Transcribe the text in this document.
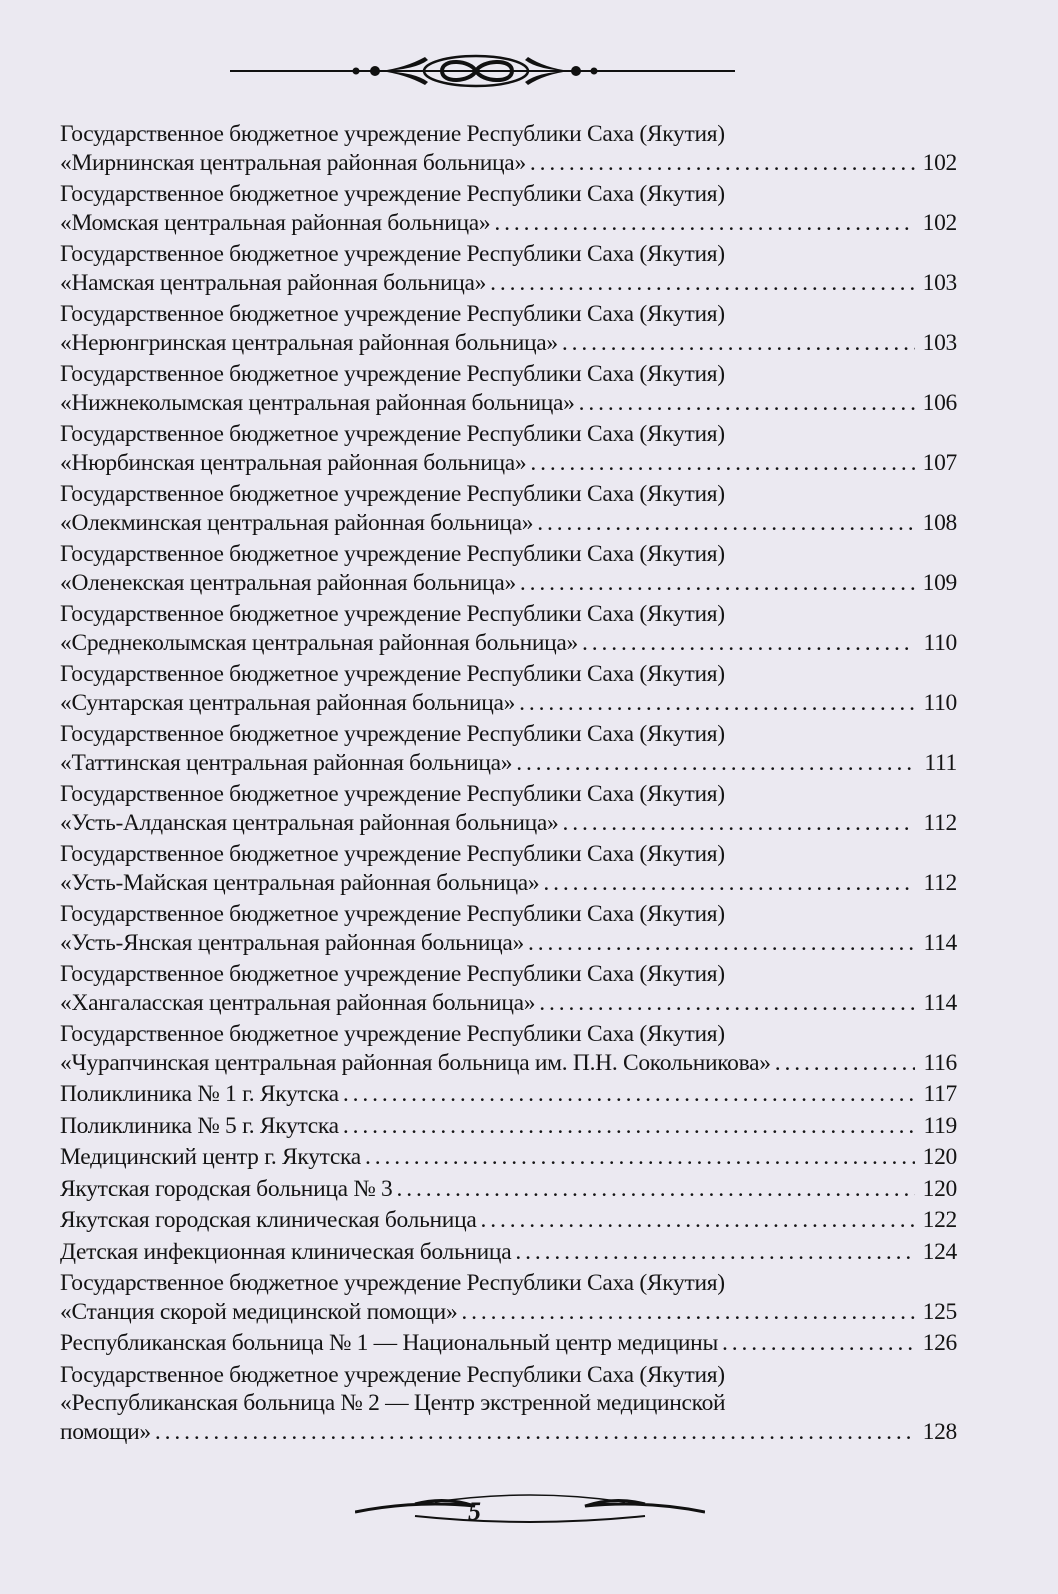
Государственное бюджетное учреждение Республики Саха (Якутия)
«Мирнинская центральная районная больница» . . .	102
Государственное бюджетное учреждение Республики Саха (Якутия)
«Момская центральная районная больница» . . .	102
Государственное бюджетное учреждение Республики Саха (Якутия)
«Намская центральная районная больница» . . .	103
Государственное бюджетное учреждение Республики Саха (Якутия)
«Нерюнгринская центральная районная больница» . . .	103
Государственное бюджетное учреждение Республики Саха (Якутия)
«Нижнеколымская центральная районная больница» . . .	106
Государственное бюджетное учреждение Республики Саха (Якутия)
«Нюрбинская центральная районная больница» . . .	107
Государственное бюджетное учреждение Республики Саха (Якутия)
«Олекминская центральная районная больница» . . .	108
Государственное бюджетное учреждение Республики Саха (Якутия)
«Оленекская центральная районная больница» . . .	109
Государственное бюджетное учреждение Республики Саха (Якутия)
«Среднеколымская центральная районная больница» . . .	110
Государственное бюджетное учреждение Республики Саха (Якутия)
«Сунтарская центральная районная больница» . . .	110
Государственное бюджетное учреждение Республики Саха (Якутия)
«Таттинская центральная районная больница» . . .	111
Государственное бюджетное учреждение Республики Саха (Якутия)
«Усть-Алданская центральная районная больница» . . .	112
Государственное бюджетное учреждение Республики Саха (Якутия)
«Усть-Майская центральная районная больница» . . .	112
Государственное бюджетное учреждение Республики Саха (Якутия)
«Усть-Янская центральная районная больница» . . .	114
Государственное бюджетное учреждение Республики Саха (Якутия)
«Хангаласская центральная районная больница» . . .	114
Государственное бюджетное учреждение Республики Саха (Якутия)
«Чурапчинская центральная районная больница им. П.Н. Сокольникова» . . .	116
Поликлиника № 1 г. Якутска . . .	117
Поликлиника № 5 г. Якутска . . .	119
Медицинский центр г. Якутска . . .	120
Якутская городская больница № 3 . . .	120
Якутская городская клиническая больница . . .	122
Детская инфекционная клиническая больница . . .	124
Государственное бюджетное учреждение Республики Саха (Якутия)
«Станция скорой медицинской помощи» . . .	125
Республиканская больница № 1 — Национальный центр медицины . . .	126
Государственное бюджетное учреждение Республики Саха (Якутия)
«Республиканская больница № 2 — Центр экстренной медицинской
помощи» . . .	128
5
